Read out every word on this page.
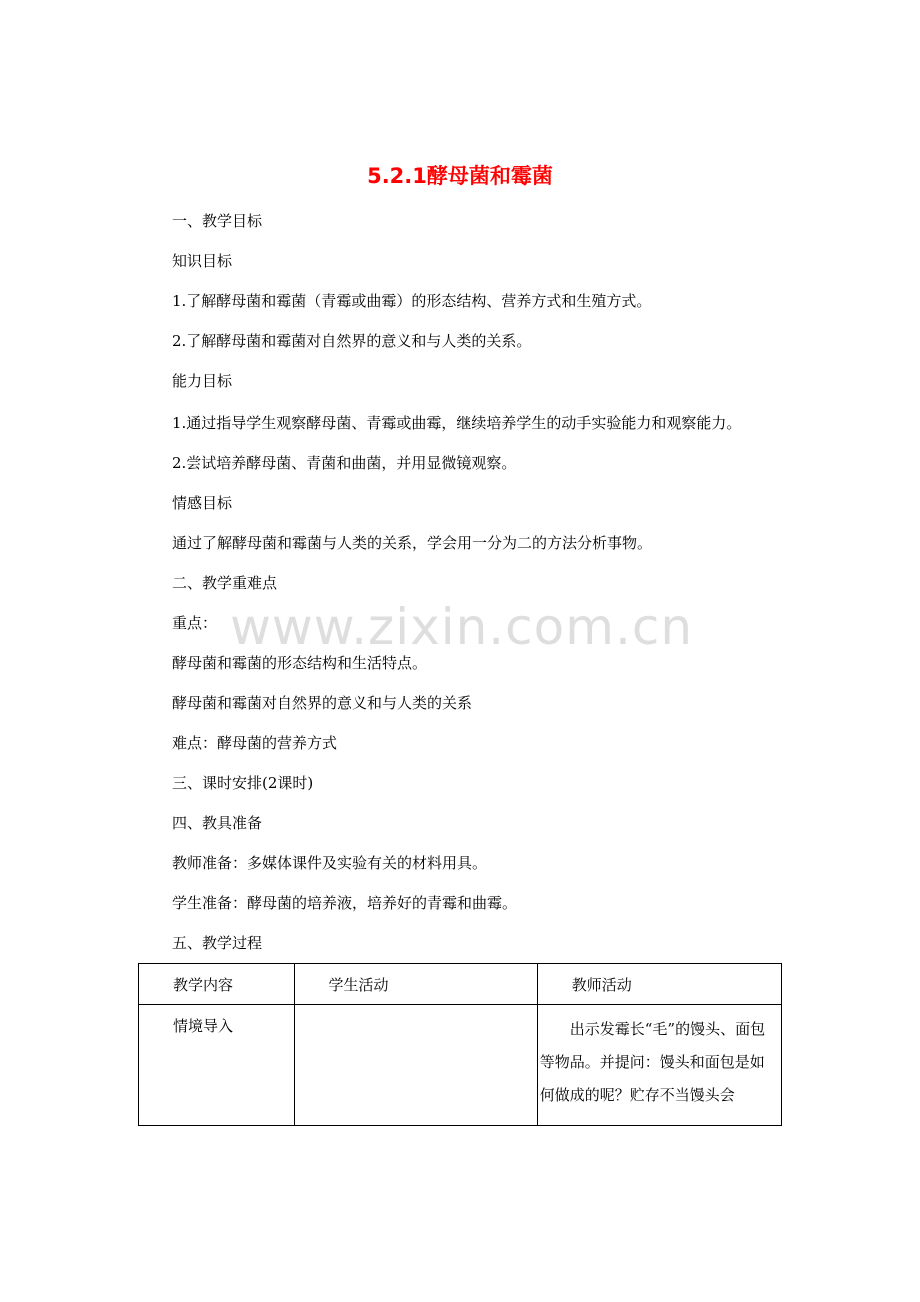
5.2.1酵母菌和霉菌

一、教学目标

知识目标

1.了解酵母菌和霉菌（青霉或曲霉）的形态结构、营养方式和生殖方式。

2.了解酵母菌和霉菌对自然界的意义和与人类的关系。

能力目标

1.通过指导学生观察酵母菌、青霉或曲霉，继续培养学生的动手实验能力和观察能力。

2.尝试培养酵母菌、青菌和曲菌，并用显微镜观察。

情感目标

通过了解酵母菌和霉菌与人类的关系，学会用一分为二的方法分析事物。

二、教学重难点

重点：

酵母菌和霉菌的形态结构和生活特点。

酵母菌和霉菌对自然界的意义和与人类的关系

难点：酵母菌的营养方式

三、课时安排(2课时)

四、教具准备

教师准备：多媒体课件及实验有关的材料用具。

学生准备：酵母菌的培养液，培养好的青霉和曲霉。

五、教学过程

www.zixin.com.cn
教学内容	学生活动	教师活动

情境导入		出示发霉长“毛”的馒头、面包等物品。并提问：馒头和面包是如何做成的呢？贮存不当馒头会
